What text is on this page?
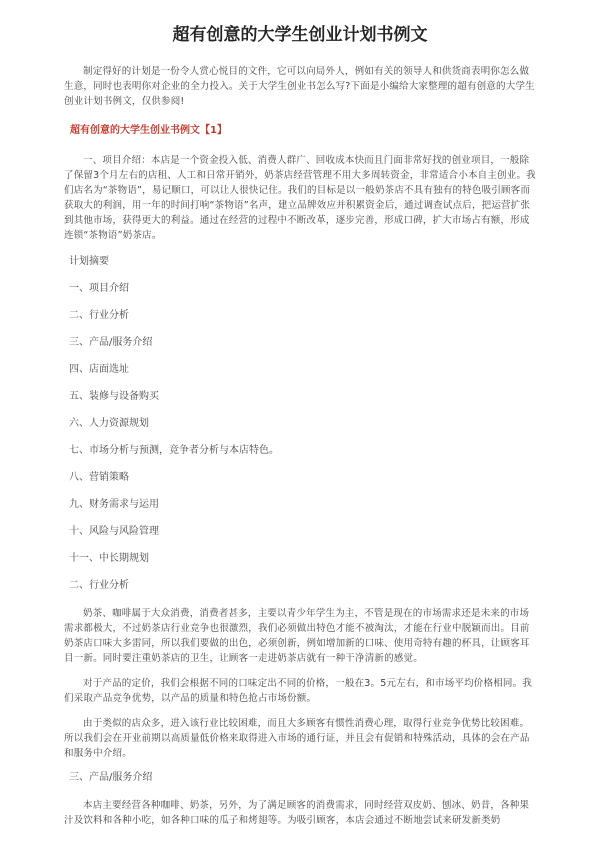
超有创意的大学生创业计划书例文

制定得好的计划是一份令人赏心悦目的文件，它可以向局外人，例如有关的领导人和供货商表明你怎么做生意，同时也表明你对企业的全力投入。关于大学生创业书怎么写?下面是小编给大家整理的超有创意的大学生创业计划书例文，仅供参阅!

超有创意的大学生创业书例文【1】

一、项目介绍：本店是一个资金投入低、消费人群广、回收成本快而且门面非常好找的创业项目，一般除了保留3个月左右的店租、人工和日常开销外，奶茶店经营管理不用大多周转资金，非常适合小本自主创业。我们店名为“茶物语”，易记顺口，可以让人很快记住。我们的目标是以一般奶茶店不具有独有的特色吸引顾客而获取大的利润，用一年的时间打响“茶物语”名声，建立品牌效应并积累资金后，通过调查试点后，把运营扩张到其他市场，获得更大的利益。通过在经营的过程中不断改革，逐步完善，形成口碑，扩大市场占有额，形成连锁“茶物语”奶茶店。

计划摘要

一、项目介绍

二、行业分析

三、产品/服务介绍

四、店面选址

五、装修与设备购买

六、人力资源规划

七、市场分析与预测，竞争者分析与本店特色。

八、营销策略

九、财务需求与运用

十、风险与风险管理

十一、中长期规划

二、行业分析

奶茶、咖啡属于大众消费，消费者甚多，主要以青少年学生为主，不管是现在的市场需求还是未来的市场需求都极大，不过奶茶店行业竞争也很激烈，我们必须做出特色才能不被淘汰，才能在行业中脱颖而出。目前奶茶店口味大多雷同，所以我们要做的出色，必须创新，例如增加新的口味、使用奇特有趣的杯具，让顾客耳目一新。同时要注重奶茶店的卫生，让顾客一走进奶茶店就有一种干净清新的感觉。

对于产品的定价，我们会根据不同的口味定出不同的价格，一般在3。5元左右，和市场平均价格相同。我们采取产品竞争优势，以产品的质量和特色抢占市场份额。

由于类似的店众多，进入该行业比较困难，而且大多顾客有惯性消费心理，取得行业竞争优势比较困难。所以我们会在开业前期以高质量低价格来取得进入市场的通行证，并且会有促销和特殊活动，具体的会在产品和服务中介绍。

三、产品/服务介绍

本店主要经营各种咖啡、奶茶，另外，为了满足顾客的消费需求，同时经营双皮奶、刨冰、奶昔，各种果汁及饮料和各种小吃，如各种口味的瓜子和烤翅等。为吸引顾客，本店会通过不断地尝试来研发新类奶
